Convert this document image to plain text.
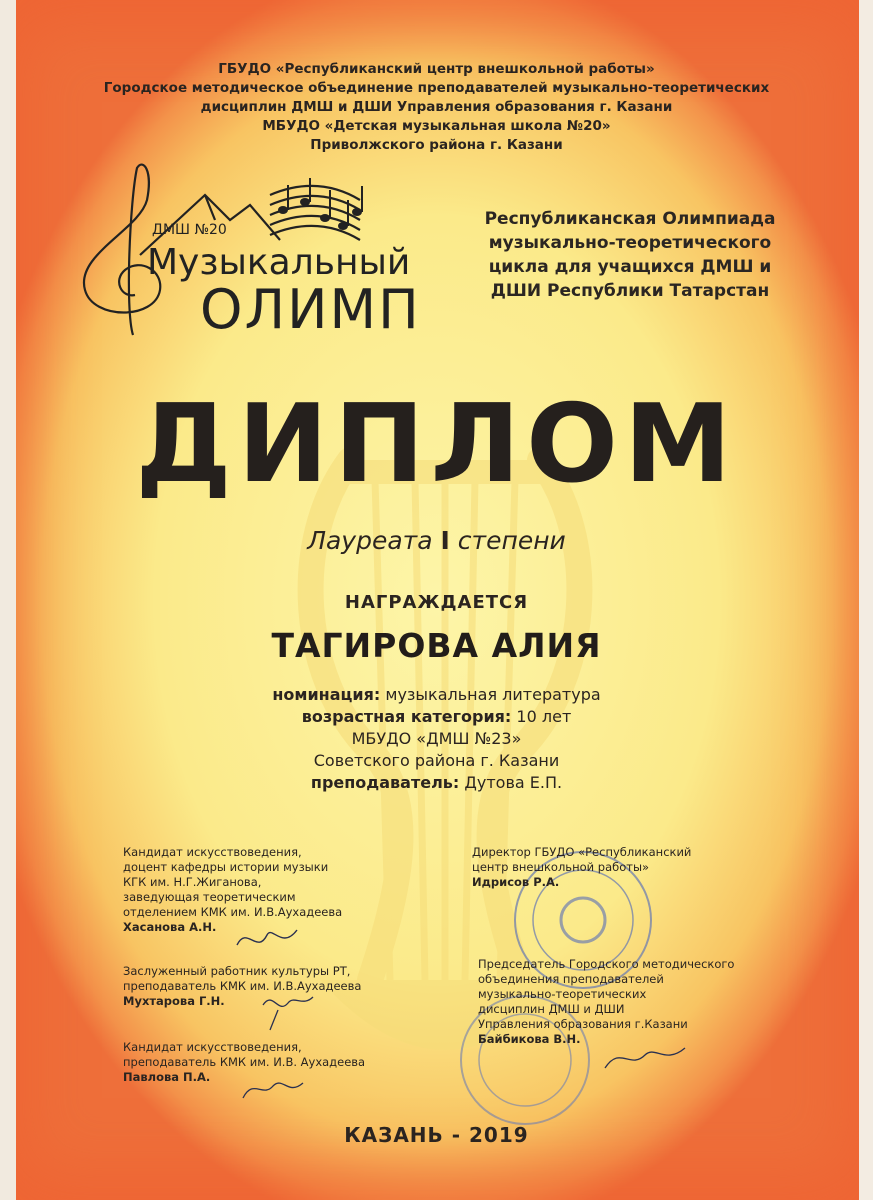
ГБУДО «Республиканский центр внешкольной работы»
Городское методическое объединение преподавателей музыкально-теоретических
дисциплин ДМШ и ДШИ Управления образования г. Казани
МБУДО «Детская музыкальная школа №20»
Приволжского района г. Казани
ДМШ №20
Музыкальный
ОЛИМП
Республиканская Олимпиада
музыкально-теоретического
цикла для учащихся ДМШ и
ДШИ Республики Татарстан
ДИПЛОМ
Лауреата I степени
НАГРАЖДАЕТСЯ
ТАГИРОВА АЛИЯ
номинация: музыкальная литература
возрастная категория: 10 лет
МБУДО «ДМШ №23»
Советского района г. Казани
преподаватель: Дутова Е.П.
Кандидат искусствоведения,
доцент кафедры истории музыки
КГК им. Н.Г.Жиганова,
заведующая теоретическим
отделением КМК им. И.В.Аухадеева
Хасанова А.Н.
Заслуженный работник культуры РТ,
преподаватель КМК им. И.В.Аухадеева
Мухтарова Г.Н.
Кандидат искусствоведения,
преподаватель КМК им. И.В. Аухадеева
Павлова П.А.
Директор ГБУДО «Республиканский
центр внешкольной работы»
Идрисов Р.А.
Председатель Городского методического
объединения преподавателей
музыкально-теоретических
дисциплин ДМШ и ДШИ
Управления образования г.Казани
Байбикова В.Н.
КАЗАНЬ - 2019
